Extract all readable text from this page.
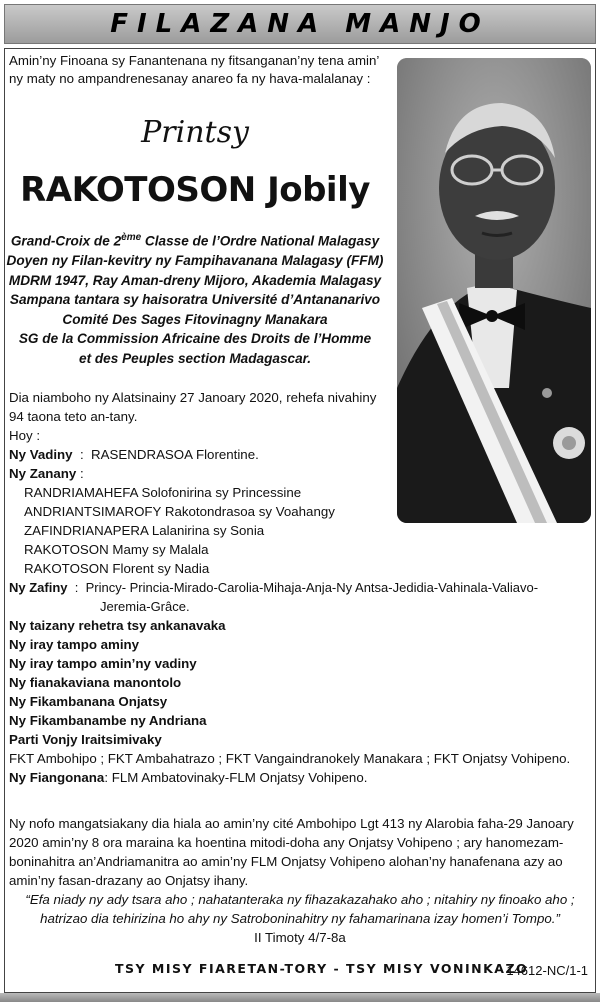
FILAZANA MANJO
Amin’ny Finoana sy Fanantenana ny fitsanganan’ny tena amin’
ny maty no ampandrenesanay anareo fa ny hava-malalanay :
Printsy
RAKOTOSON Jobily
Grand-Croix de 2ème Classe de l’Ordre National Malagasy
Doyen ny Filan-kevitry ny Fampihavanana Malagasy (FFM)
MDRM 1947, Ray Aman-dreny Mijoro, Akademia Malagasy
Sampana tantara sy haisoratra Université d’Antananarivo
Comité Des Sages Fitovinagny Manakara
SG de la Commission Africaine des Droits de l’Homme
et des Peuples section Madagascar.
Dia niamboho ny Alatsinainy 27 Janoary 2020, rehefa nivahiny
94 taona teto an-tany.
Hoy :
Ny Vadiny  :  RASENDRASOA Florentine.
Ny Zanany :
RANDRIAMAHEFA Solofonirina sy Princessine
ANDRIANTSIMAROFY Rakotondrasoa sy Voahangy
ZAFINDRIANAPERA Lalanirina sy Sonia
RAKOTOSON Mamy sy Malala
RAKOTOSON Florent sy Nadia
Ny Zafiny  :  Princy- Princia-Mirado-Carolia-Mihaja-Anja-Ny Antsa-Jedidia-Vahinala-Valiavo-
Jeremia-Grâce.
Ny taizany rehetra tsy ankanavaka
Ny iray tampo aminy
Ny iray tampo amin’ny vadiny
Ny fianakaviana manontolo
Ny Fikambanana Onjatsy
Ny Fikambanambe ny Andriana
Parti Vonjy Iraitsimivaky
FKT Ambohipo ; FKT Ambahatrazo ; FKT Vangaindranokely Manakara ; FKT Onjatsy Vohipeno.
Ny Fiangonana: FLM Ambatovinaky-FLM Onjatsy Vohipeno.
Ny nofo mangatsiakany dia hiala ao amin’ny cité Ambohipo Lgt 413 ny Alarobia faha-29 Janoary
2020 amin’ny 8 ora maraina ka hoentina mitodi-doha any Onjatsy Vohipeno ; ary hanomezam-
boninahitra an’Andriamanitra ao amin’ny FLM Onjatsy Vohipeno alohan’ny hanafenana azy ao
amin’ny fasan-drazany ao Onjatsy ihany.
“Efa niady ny ady tsara aho ; nahatanteraka ny fihazakazahako aho ; nitahiry ny finoako aho ;
hatrizao dia tehirizina ho ahy ny Satroboninahitry ny fahamarinana izay homen’i Tompo.”
II Timoty 4/7-8a
TSY MISY FIARETAN-TORY - TSY MISY VONINKAZO
14612-NC/1-1
